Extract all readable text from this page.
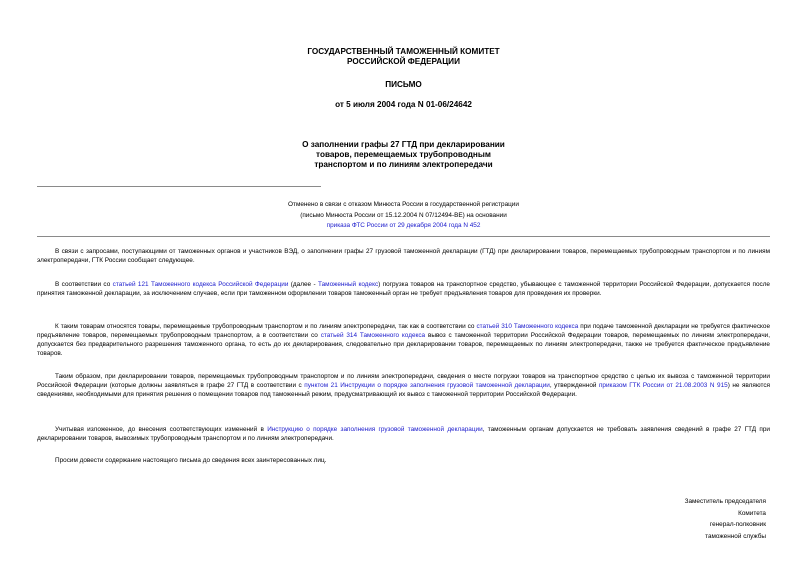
ГОСУДАРСТВЕННЫЙ ТАМОЖЕННЫЙ КОМИТЕТ
РОССИЙСКОЙ ФЕДЕРАЦИИ
ПИСЬМО
от 5 июля 2004 года N 01-06/24642
О заполнении графы 27 ГТД при декларировании
товаров, перемещаемых трубопроводным
транспортом и по линиям электропередачи
Отменено в связи с отказом Минюста России в государственной регистрации
(письмо Минюста России от 15.12.2004 N 07/12494-ВЕ) на основании
приказа ФТС России от 29 декабря 2004 года N 452
В связи с запросами, поступающими от таможенных органов и участников ВЭД, о заполнении графы 27 грузовой таможенной декларации (ГТД) при декларировании товаров, перемещаемых трубопроводным транспортом и по линиям электропередачи, ГТК России сообщает следующее.
В соответствии со статьей 121 Таможенного кодекса Российской Федерации (далее - Таможенный кодекс) погрузка товаров на транспортное средство, убывающее с таможенной территории Российской Федерации, допускается после принятия таможенной декларации, за исключением случаев, если при таможенном оформлении товаров таможенный орган не требует предъявления товаров для проведения их проверки.
К таким товарам относятся товары, перемещаемые трубопроводным транспортом и по линиям электропередачи, так как в соответствии со статьей 310 Таможенного кодекса при подаче таможенной декларации не требуется фактическое предъявление товаров, перемещаемых трубопроводным транспортом, а в соответствии со статьей 314 Таможенного кодекса вывоз с таможенной территории Российской Федерации товаров, перемещаемых по линиям электропередачи, допускается без предварительного разрешения таможенного органа, то есть до их декларирования, следовательно при декларировании товаров, перемещаемых по линиям электропередачи, также не требуется фактическое предъявление товаров.
Таким образом, при декларировании товаров, перемещаемых трубопроводным транспортом и по линиям электропередачи, сведения о месте погрузки товаров на транспортное средство с целью их вывоза с таможенной территории Российской Федерации (которые должны заявляться в графе 27 ГТД в соответствии с пунктом 21 Инструкции о порядке заполнения грузовой таможенной декларации, утвержденной приказом ГТК России от 21.08.2003 N 915) не являются сведениями, необходимыми для принятия решения о помещении товаров под таможенный режим, предусматривающий их вывоз с таможенной территории Российской Федерации.
Учитывая изложенное, до внесения соответствующих изменений в Инструкцию о порядке заполнения грузовой таможенной декларации, таможенным органам допускается не требовать заявления сведений в графе 27 ГТД при декларировании товаров, вывозимых трубопроводным транспортом и по линиям электропередачи.
Просим довести содержание настоящего письма до сведения всех заинтересованных лиц.
Заместитель председателя
Комитета
генерал-полковник
таможенной службы
